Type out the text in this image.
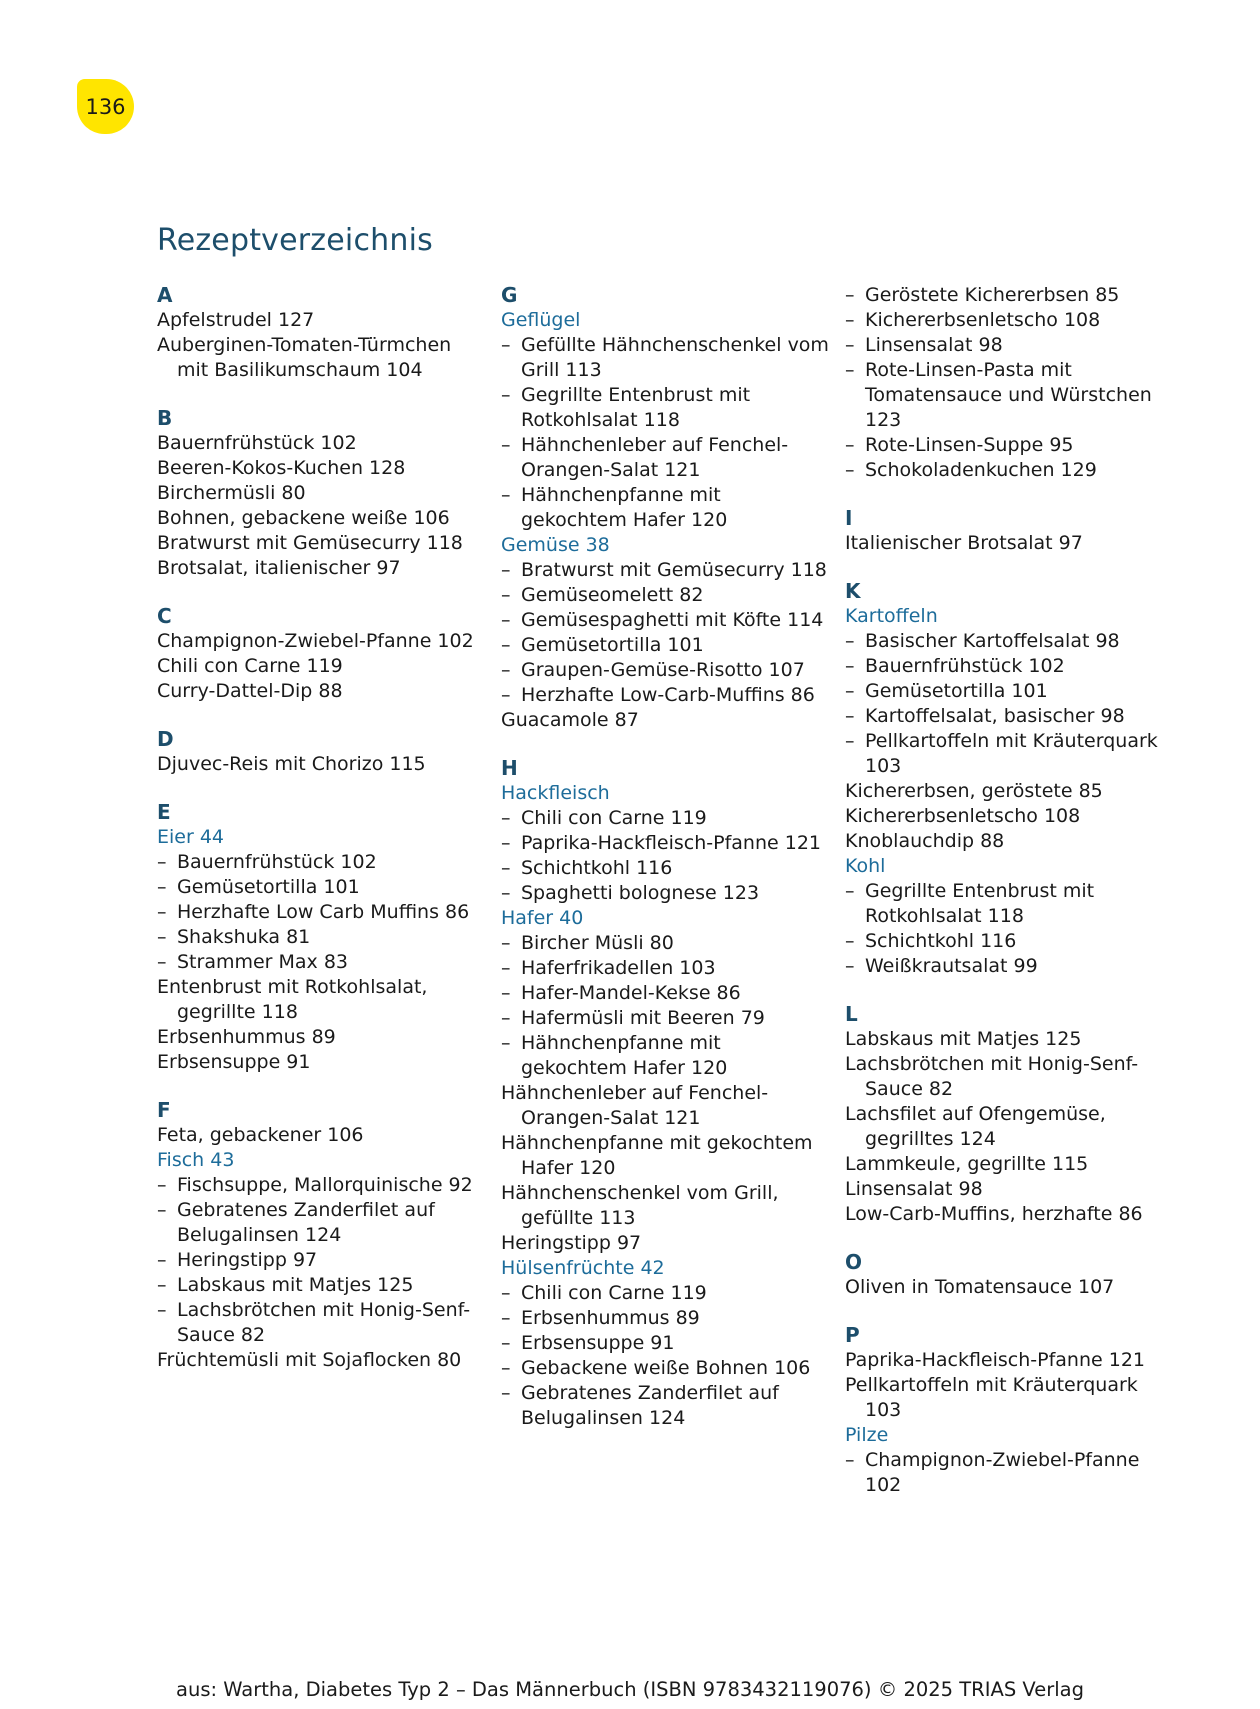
136
Rezeptverzeichnis
A
Apfelstrudel 127
Auberginen-Tomaten-Türmchen mit Basilikumschaum 104
B
Bauernfrühstück 102
Beeren-Kokos-Kuchen 128
Birchermüsli 80
Bohnen, gebackene weiße 106
Bratwurst mit Gemüsecurry 118
Brotsalat, italienischer 97
C
Champignon-Zwiebel-Pfanne 102
Chili con Carne 119
Curry-Dattel-Dip 88
D
Djuvec-Reis mit Chorizo 115
E
Eier 44
– Bauernfrühstück 102
– Gemüsetortilla 101
– Herzhafte Low Carb Muffins 86
– Shakshuka 81
– Strammer Max 83
Entenbrust mit Rotkohlsalat, gegrillte 118
Erbsenhummus 89
Erbsensuppe 91
F
Feta, gebackener 106
Fisch 43
– Fischsuppe, Mallorquinische 92
– Gebratenes Zanderfilet auf Belugalinsen 124
– Heringstipp 97
– Labskaus mit Matjes 125
– Lachsbrötchen mit Honig-Senf-Sauce 82
Früchtemüsli mit Sojaflocken 80
G
Geflügel
– Gefüllte Hähnchenschenkel vom Grill 113
– Gegrillte Entenbrust mit Rotkohlsalat 118
– Hähnchenleber auf Fenchel-Orangen-Salat 121
– Hähnchenpfanne mit gekochtem Hafer 120
Gemüse 38
– Bratwurst mit Gemüsecurry 118
– Gemüseomelett 82
– Gemüsespaghetti mit Köfte 114
– Gemüsetortilla 101
– Graupen-Gemüse-Risotto 107
– Herzhafte Low-Carb-Muffins 86
Guacamole 87
H
Hackfleisch
– Chili con Carne 119
– Paprika-Hackfleisch-Pfanne 121
– Schichtkohl 116
– Spaghetti bolognese 123
Hafer 40
– Bircher Müsli 80
– Haferfrikadellen 103
– Hafer-Mandel-Kekse 86
– Hafermüsli mit Beeren 79
– Hähnchenpfanne mit gekochtem Hafer 120
Hähnchenleber auf Fenchel-Orangen-Salat 121
Hähnchenpfanne mit gekochtem Hafer 120
Hähnchenschenkel vom Grill, gefüllte 113
Heringstipp 97
Hülsenfrüchte 42
– Chili con Carne 119
– Erbsenhummus 89
– Erbsensuppe 91
– Gebackene weiße Bohnen 106
– Gebratenes Zanderfilet auf Belugalinsen 124
– Geröstete Kichererbsen 85
– Kichererbsenletscho 108
– Linsensalat 98
– Rote-Linsen-Pasta mit Tomatensauce und Würstchen 123
– Rote-Linsen-Suppe 95
– Schokoladenkuchen 129
I
Italienischer Brotsalat 97
K
Kartoffeln
– Basischer Kartoffelsalat 98
– Bauernfrühstück 102
– Gemüsetortilla 101
– Kartoffelsalat, basischer 98
– Pellkartoffeln mit Kräuterquark 103
Kichererbsen, geröstete 85
Kichererbsenletscho 108
Knoblauchdip 88
Kohl
– Gegrillte Entenbrust mit Rotkohlsalat 118
– Schichtkohl 116
– Weißkrautsalat 99
L
Labskaus mit Matjes 125
Lachsbrötchen mit Honig-Senf-Sauce 82
Lachsfilet auf Ofengemüse, gegrilltes 124
Lammkeule, gegrillte 115
Linsensalat 98
Low-Carb-Muffins, herzhafte 86
O
Oliven in Tomatensauce 107
P
Paprika-Hackfleisch-Pfanne 121
Pellkartoffeln mit Kräuterquark 103
Pilze
– Champignon-Zwiebel-Pfanne 102
aus: Wartha, Diabetes Typ 2 – Das Männerbuch (ISBN 9783432119076) © 2025 TRIAS Verlag
